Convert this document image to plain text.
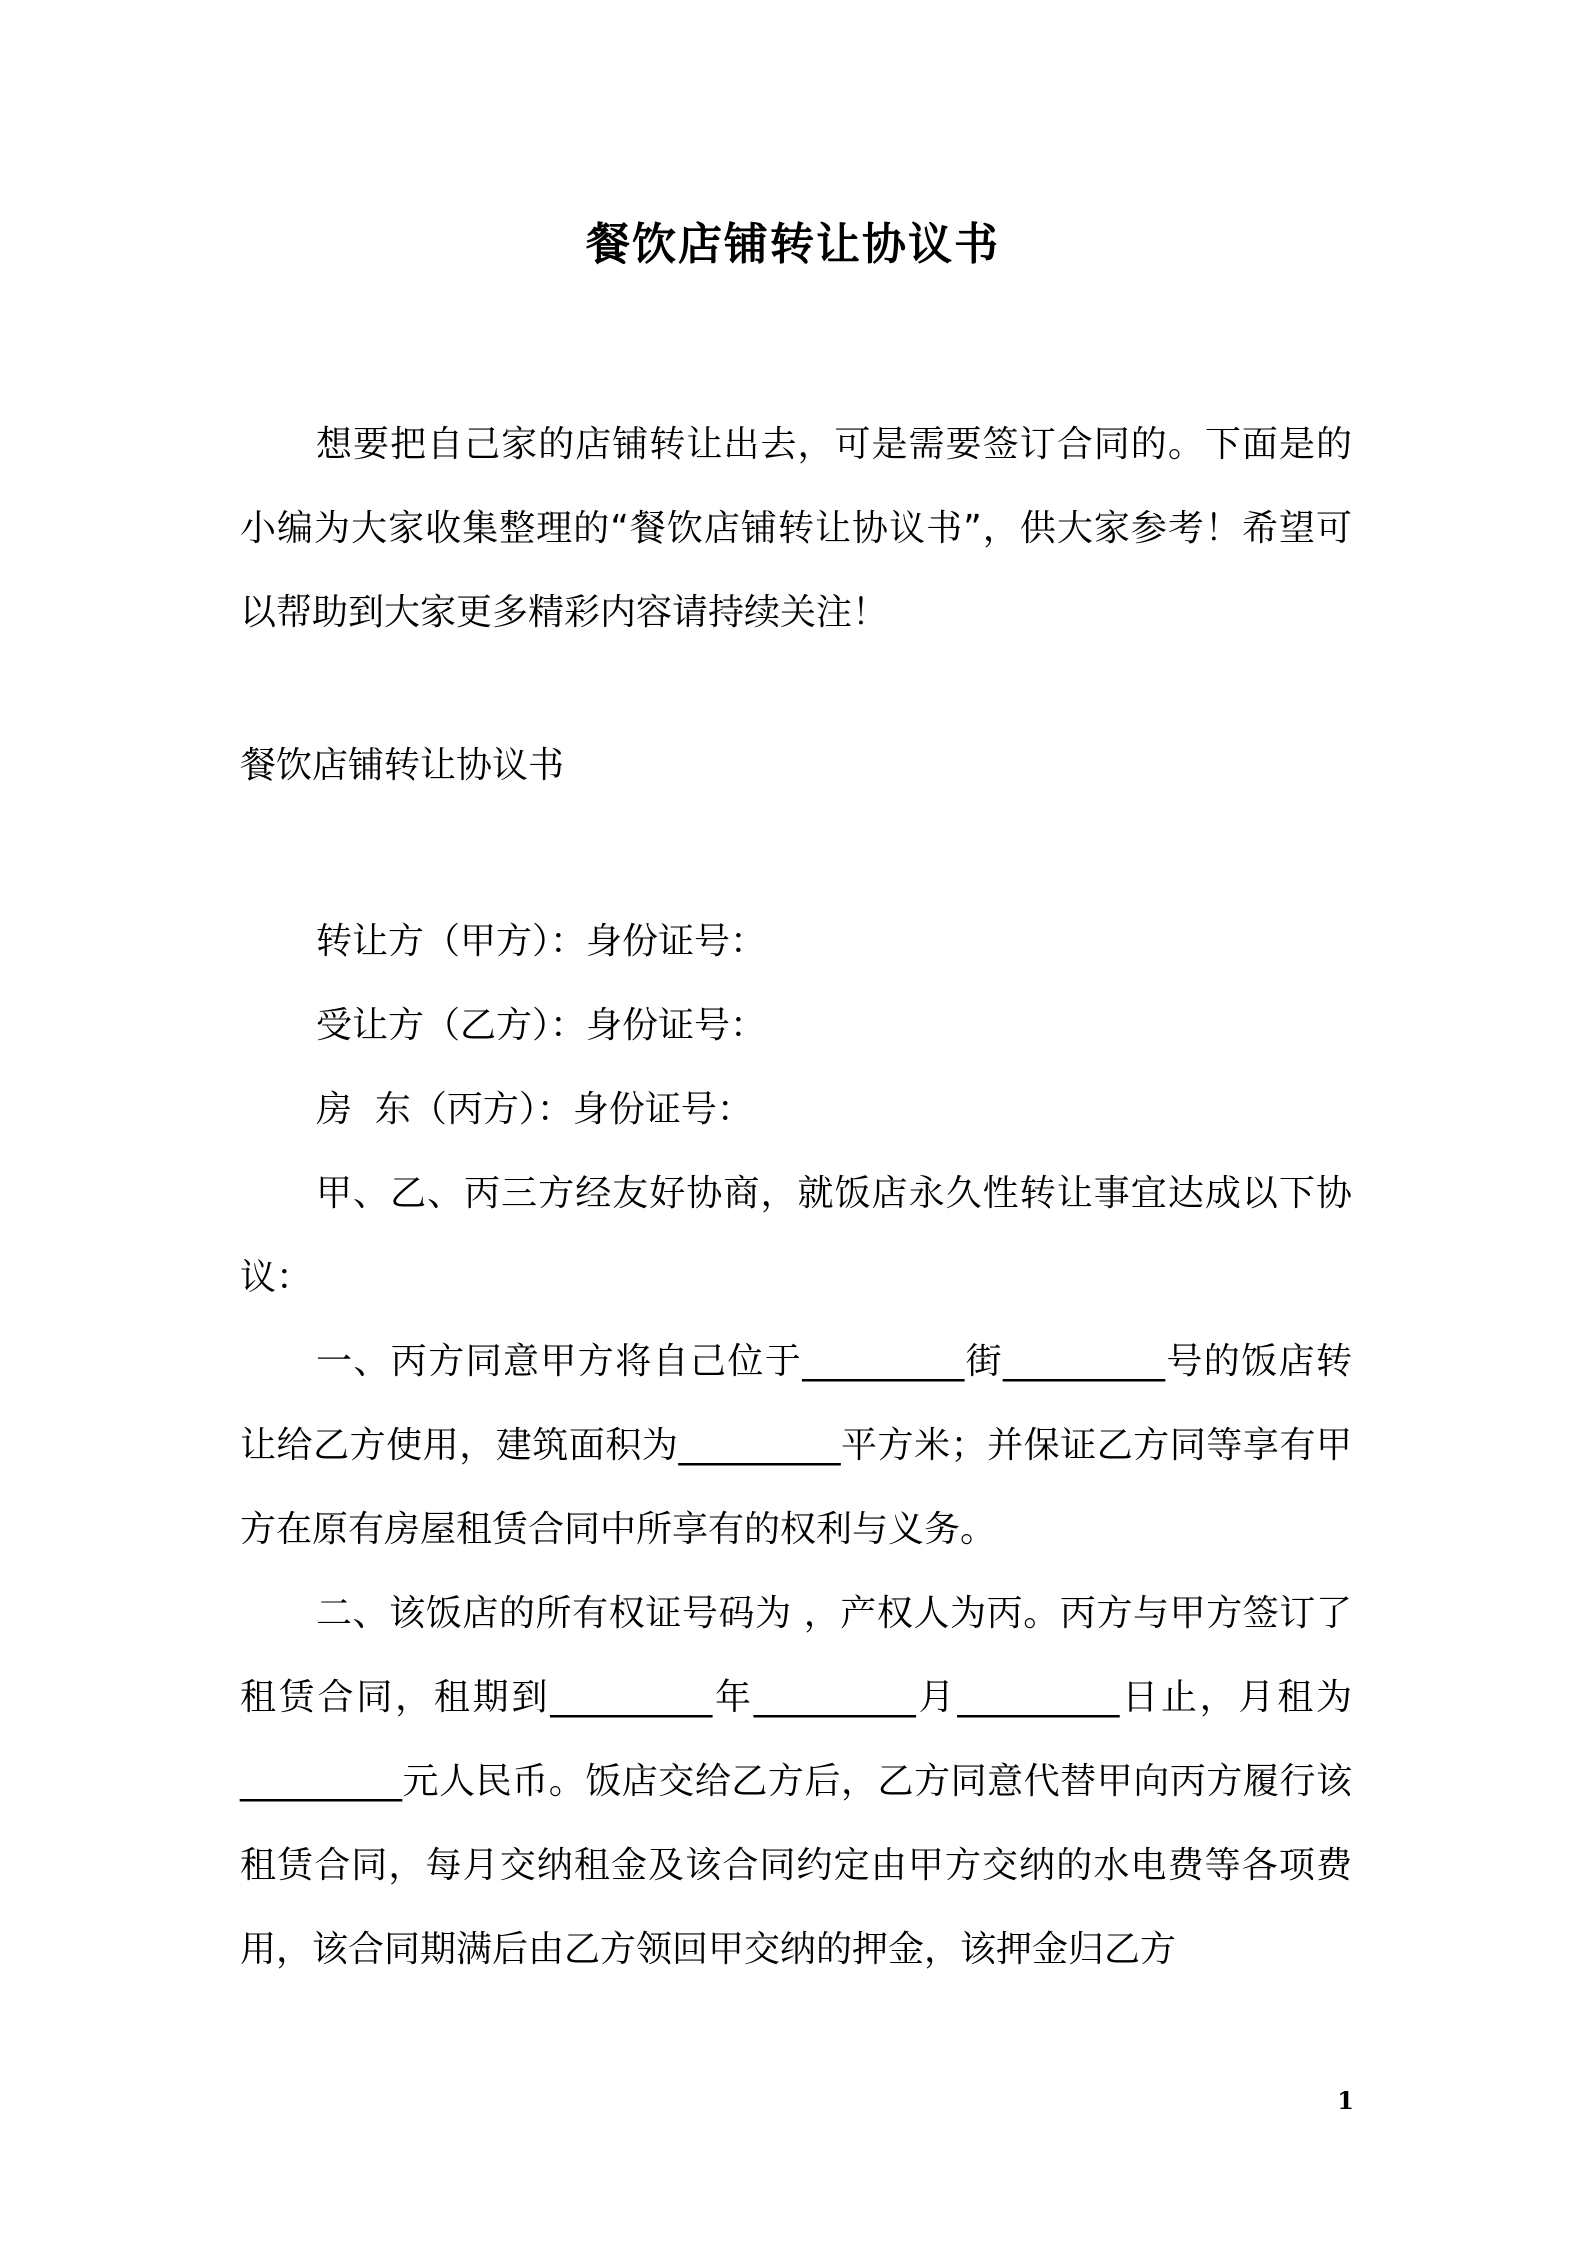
餐饮店铺转让协议书

想要把自己家的店铺转让出去，可是需要签订合同的。下面是的小编为大家收集整理的“餐饮店铺转让协议书”，供大家参考！希望可以帮助到大家更多精彩内容请持续关注！

餐饮店铺转让协议书

转让方（甲方）：身份证号：

受让方（乙方）：身份证号：

房  东（丙方）：身份证号：

甲、乙、丙三方经友好协商，就饭店永久性转让事宜达成以下协议：

一、丙方同意甲方将自己位于_________街_________号的饭店转让给乙方使用，建筑面积为_________平方米；并保证乙方同等享有甲方在原有房屋租赁合同中所享有的权利与义务。

二、该饭店的所有权证号码为 ，产权人为丙。丙方与甲方签订了租赁合同，租期到_________年_________月_________日止，月租为_________元人民币。饭店交给乙方后，乙方同意代替甲向丙方履行该租赁合同，每月交纳租金及该合同约定由甲方交纳的水电费等各项费用，该合同期满后由乙方领回甲交纳的押金，该押金归乙方

1
